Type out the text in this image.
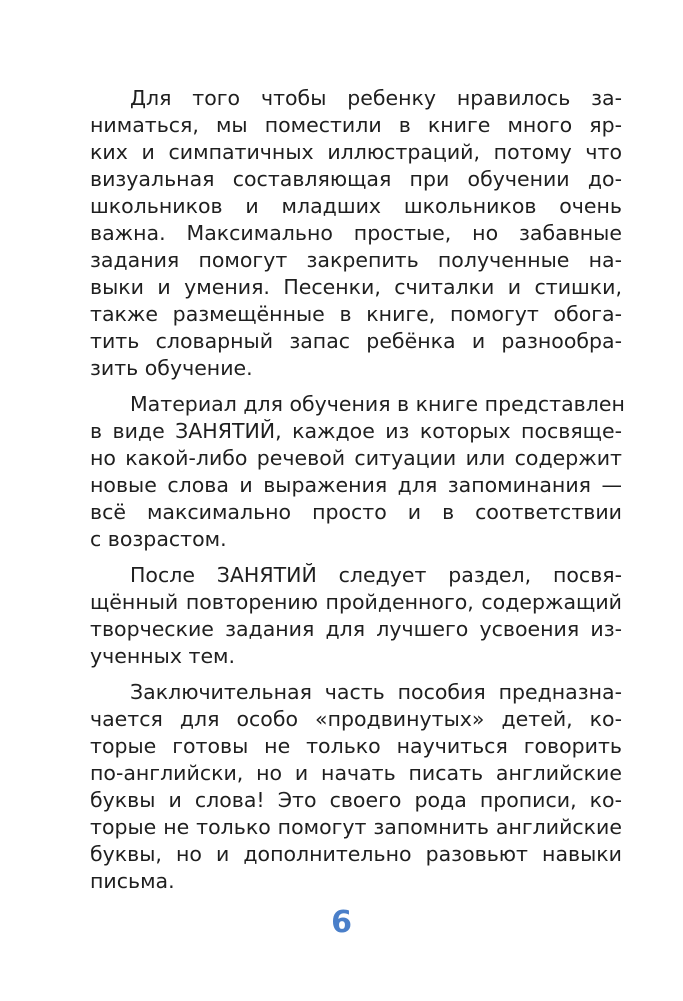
Для того чтобы ребенку нравилось за-
ниматься, мы поместили в книге много яр-
ких и симпатичных иллюстраций, потому что
визуальная составляющая при обучении до-
школьников и младших школьников очень
важна. Максимально простые, но забавные
задания помогут закрепить полученные на-
выки и умения. Песенки, считалки и стишки,
также размещённые в книге, помогут обога-
тить словарный запас ребёнка и разнообра-
зить обучение.
Материал для обучения в книге представлен
в виде ЗАНЯТИЙ, каждое из которых посвяще-
но какой-либо речевой ситуации или содержит
новые слова и выражения для запоминания —
всё максимально просто и в соответствии
с возрастом.
После ЗАНЯТИЙ следует раздел, посвя-
щённый повторению пройденного, содержащий
творческие задания для лучшего усвоения из-
ученных тем.
Заключительная часть пособия предназна-
чается для особо «продвинутых» детей, ко-
торые готовы не только научиться говорить
по-английски, но и начать писать английские
буквы и слова! Это своего рода прописи, ко-
торые не только помогут запомнить английские
буквы, но и дополнительно разовьют навыки
письма.
6
